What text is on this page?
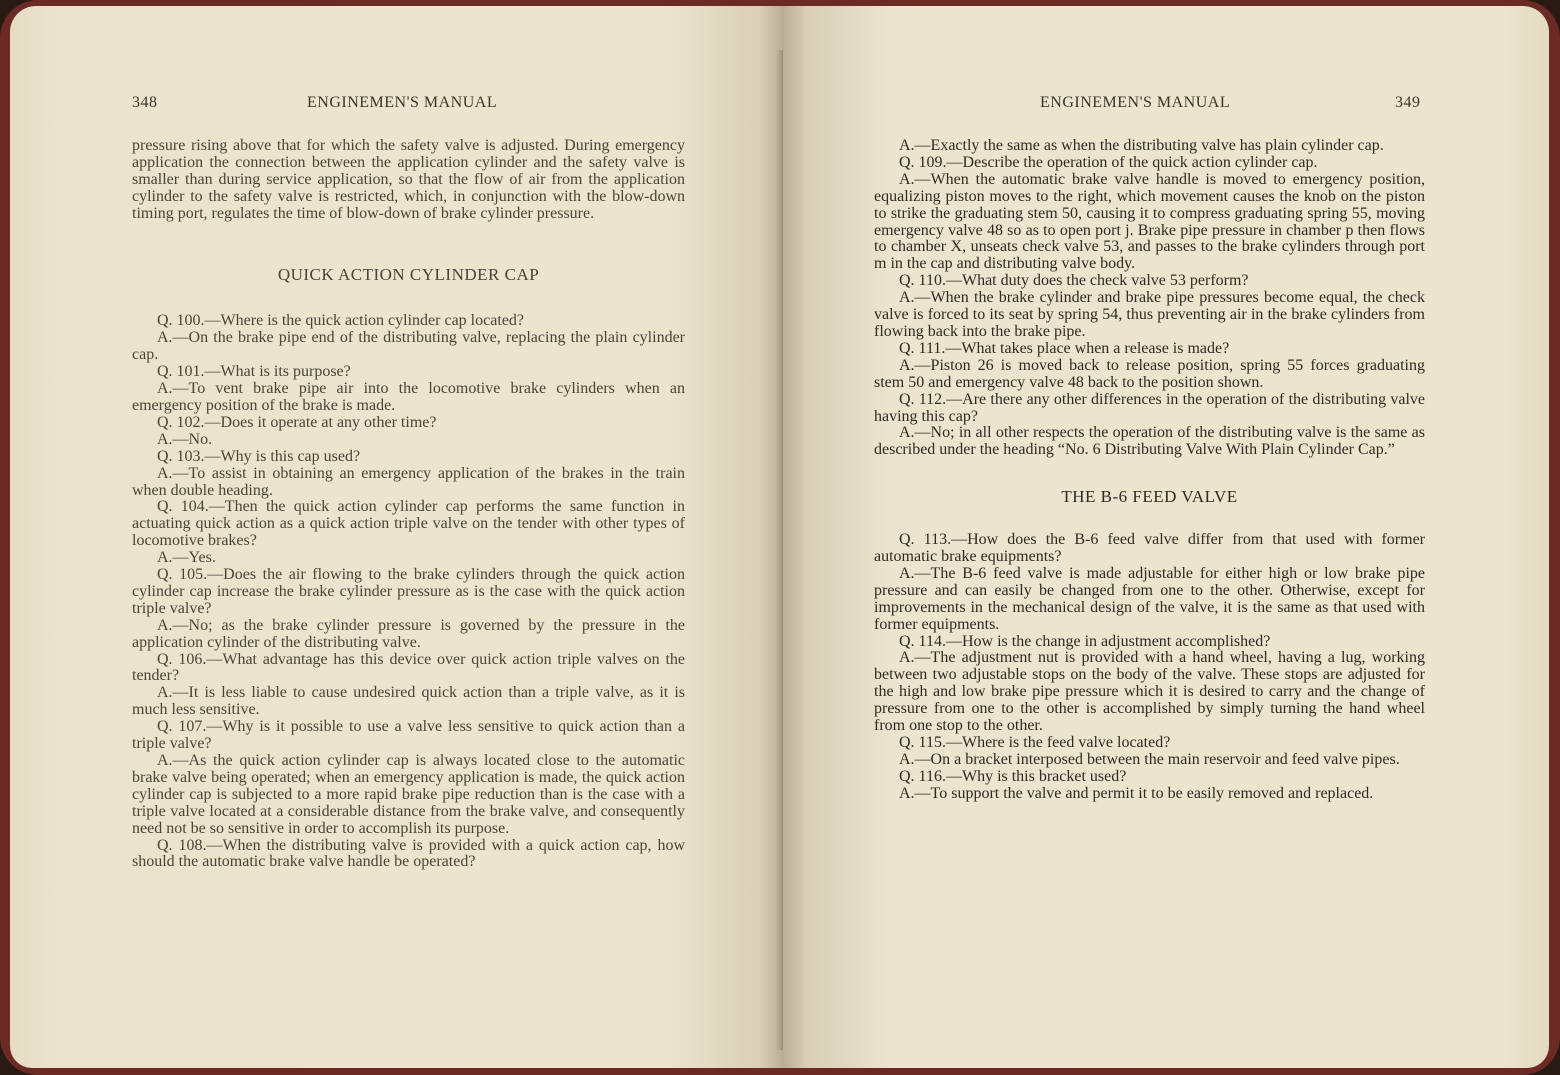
348	ENGINEMEN'S MANUAL

pressure rising above that for which the safety valve is adjusted. During emergency application the connection between the application cylinder and the safety valve is smaller than during service application, so that the flow of air from the application cylinder to the safety valve is restricted, which, in conjunction with the blow-down timing port, regulates the time of blow-down of brake cylinder pressure.

QUICK ACTION CYLINDER CAP

Q. 100.—Where is the quick action cylinder cap located?

A.—On the brake pipe end of the distributing valve, replacing the plain cylinder cap.

Q. 101.—What is its purpose?

A.—To vent brake pipe air into the locomotive brake cylinders when an emergency position of the brake is made.

Q. 102.—Does it operate at any other time?

A.—No.

Q. 103.—Why is this cap used?

A.—To assist in obtaining an emergency application of the brakes in the train when double heading.

Q. 104.—Then the quick action cylinder cap performs the same function in actuating quick action as a quick action triple valve on the tender with other types of locomotive brakes?

A.—Yes.

Q. 105.—Does the air flowing to the brake cylinders through the quick action cylinder cap increase the brake cylinder pressure as is the case with the quick action triple valve?

A.—No; as the brake cylinder pressure is governed by the pressure in the application cylinder of the distributing valve.

Q. 106.—What advantage has this device over quick action triple valves on the tender?

A.—It is less liable to cause undesired quick action than a triple valve, as it is much less sensitive.

Q. 107.—Why is it possible to use a valve less sensitive to quick action than a triple valve?

A.—As the quick action cylinder cap is always located close to the automatic brake valve being operated; when an emergency application is made, the quick action cylinder cap is subjected to a more rapid brake pipe reduction than is the case with a triple valve located at a considerable distance from the brake valve, and consequently need not be so sensitive in order to accomplish its purpose.

Q. 108.—When the distributing valve is provided with a quick action cap, how should the automatic brake valve handle be operated?

ENGINEMEN'S MANUAL	349

A.—Exactly the same as when the distributing valve has plain cylinder cap.

Q. 109.—Describe the operation of the quick action cylinder cap.

A.—When the automatic brake valve handle is moved to emergency position, equalizing piston moves to the right, which movement causes the knob on the piston to strike the graduating stem 50, causing it to compress graduating spring 55, moving emergency valve 48 so as to open port j. Brake pipe pressure in chamber p then flows to chamber X, unseats check valve 53, and passes to the brake cylinders through port m in the cap and distributing valve body.

Q. 110.—What duty does the check valve 53 perform?

A.—When the brake cylinder and brake pipe pressures become equal, the check valve is forced to its seat by spring 54, thus preventing air in the brake cylinders from flowing back into the brake pipe.

Q. 111.—What takes place when a release is made?

A.—Piston 26 is moved back to release position, spring 55 forces graduating stem 50 and emergency valve 48 back to the position shown.

Q. 112.—Are there any other differences in the operation of the distributing valve having this cap?

A.—No; in all other respects the operation of the distributing valve is the same as described under the heading “No. 6 Distributing Valve With Plain Cylinder Cap.”

THE B-6 FEED VALVE

Q. 113.—How does the B-6 feed valve differ from that used with former automatic brake equipments?

A.—The B-6 feed valve is made adjustable for either high or low brake pipe pressure and can easily be changed from one to the other. Otherwise, except for improvements in the mechanical design of the valve, it is the same as that used with former equipments.

Q. 114.—How is the change in adjustment accomplished?

A.—The adjustment nut is provided with a hand wheel, having a lug, working between two adjustable stops on the body of the valve. These stops are adjusted for the high and low brake pipe pressure which it is desired to carry and the change of pressure from one to the other is accomplished by simply turning the hand wheel from one stop to the other.

Q. 115.—Where is the feed valve located?

A.—On a bracket interposed between the main reservoir and feed valve pipes.

Q. 116.—Why is this bracket used?

A.—To support the valve and permit it to be easily removed and replaced.
